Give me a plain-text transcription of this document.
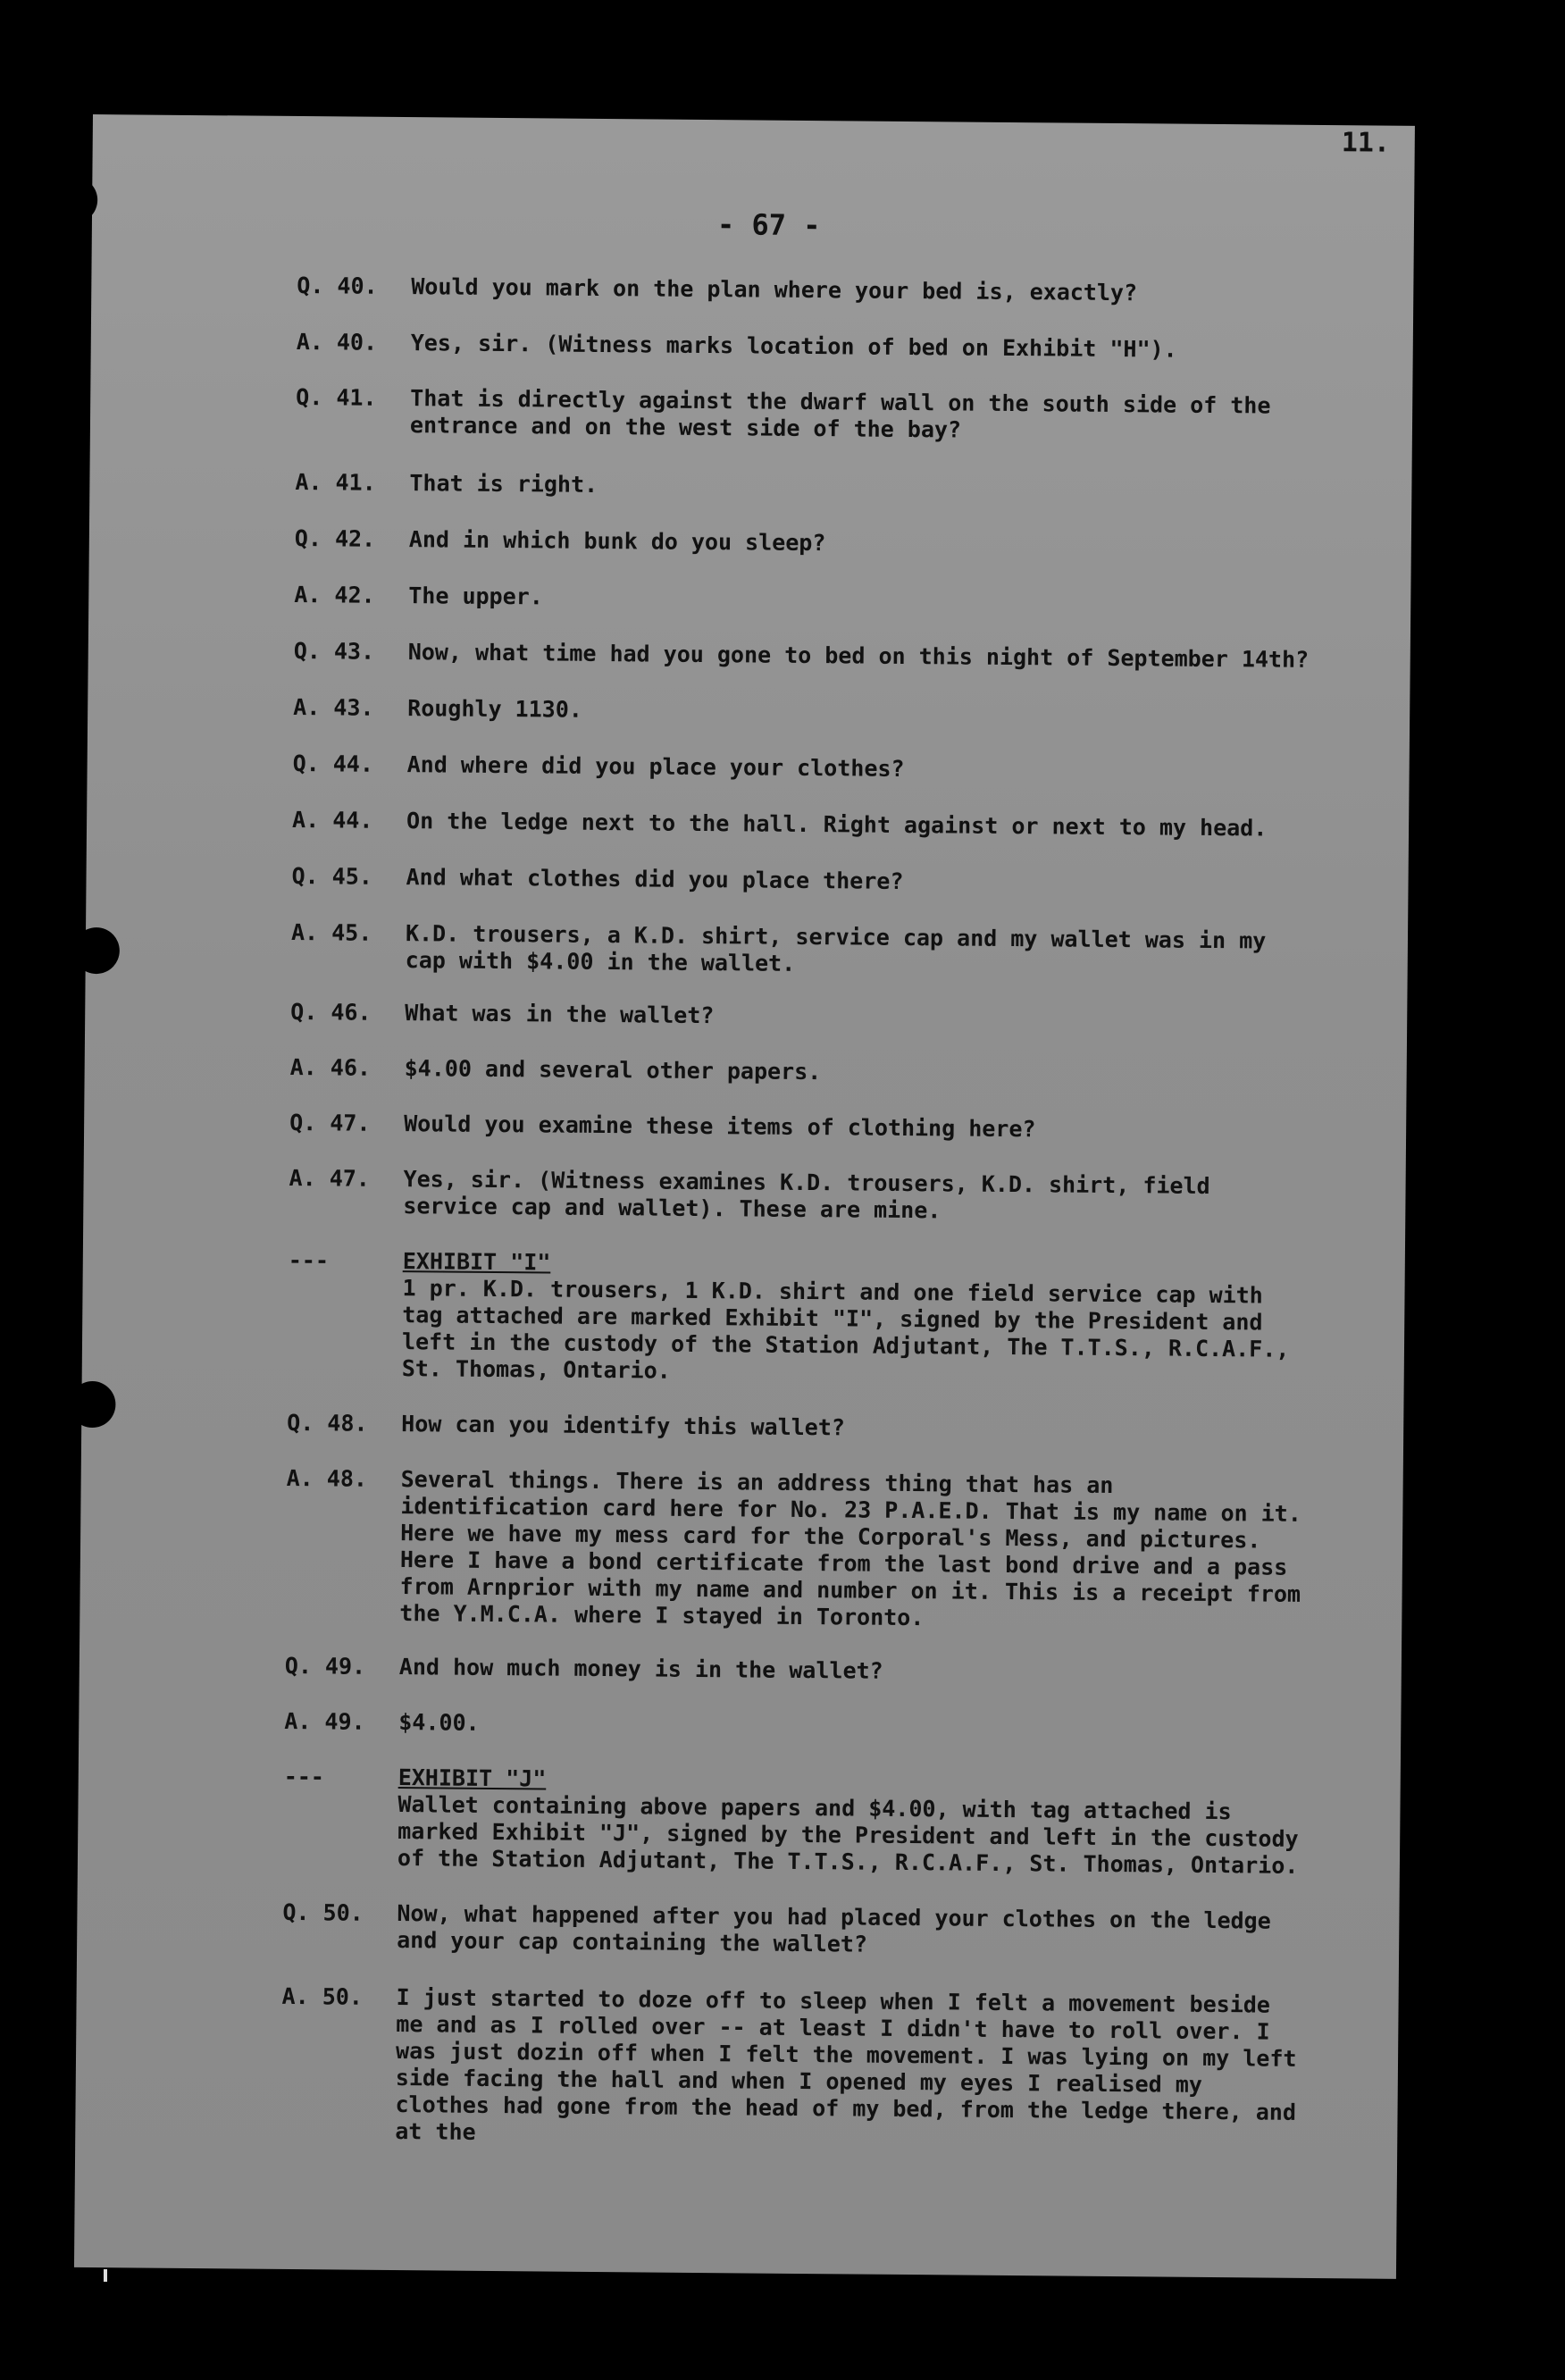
11.
- 67 -
Q. 40.	Would you mark on the plan where your bed is, exactly?
A. 40.	Yes, sir. (Witness marks location of bed on Exhibit "H").
Q. 41.	That is directly against the dwarf wall on the south side of the entrance and on the west side of the bay?
A. 41.	That is right.
Q. 42.	And in which bunk do you sleep?
A. 42.	The upper.
Q. 43.	Now, what time had you gone to bed on this night of September 14th?
A. 43.	Roughly 1130.
Q. 44.	And where did you place your clothes?
A. 44.	On the ledge next to the hall. Right against or next to my head.
Q. 45.	And what clothes did you place there?
A. 45.	K.D. trousers, a K.D. shirt, service cap and my wallet was in my cap with $4.00 in the wallet.
Q. 46.	What was in the wallet?
A. 46.	$4.00 and several other papers.
Q. 47.	Would you examine these items of clothing here?
A. 47.	Yes, sir. (Witness examines K.D. trousers, K.D. shirt, field service cap and wallet). These are mine.
---	EXHIBIT "I"
1 pr. K.D. trousers, 1 K.D. shirt and one field service cap with tag attached are marked Exhibit "I", signed by the President and left in the custody of the Station Adjutant, The T.T.S., R.C.A.F., St. Thomas, Ontario.
Q. 48.	How can you identify this wallet?
A. 48.	Several things. There is an address thing that has an identification card here for No. 23 P.A.E.D. That is my name on it. Here we have my mess card for the Corporal's Mess, and pictures. Here I have a bond certificate from the last bond drive and a pass from Arnprior with my name and number on it. This is a receipt from the Y.M.C.A. where I stayed in Toronto.
Q. 49.	And how much money is in the wallet?
A. 49.	$4.00.
---	EXHIBIT "J"
Wallet containing above papers and $4.00, with tag attached is marked Exhibit "J", signed by the President and left in the custody of the Station Adjutant, The T.T.S., R.C.A.F., St. Thomas, Ontario.
Q. 50.	Now, what happened after you had placed your clothes on the ledge and your cap containing the wallet?
A. 50.	I just started to doze off to sleep when I felt a movement beside me and as I rolled over -- at least I didn't have to roll over. I was just dozin off when I felt the movement. I was lying on my left side facing the hall and when I opened my eyes I realised my clothes had gone from the head of my bed, from the ledge there, and at the
